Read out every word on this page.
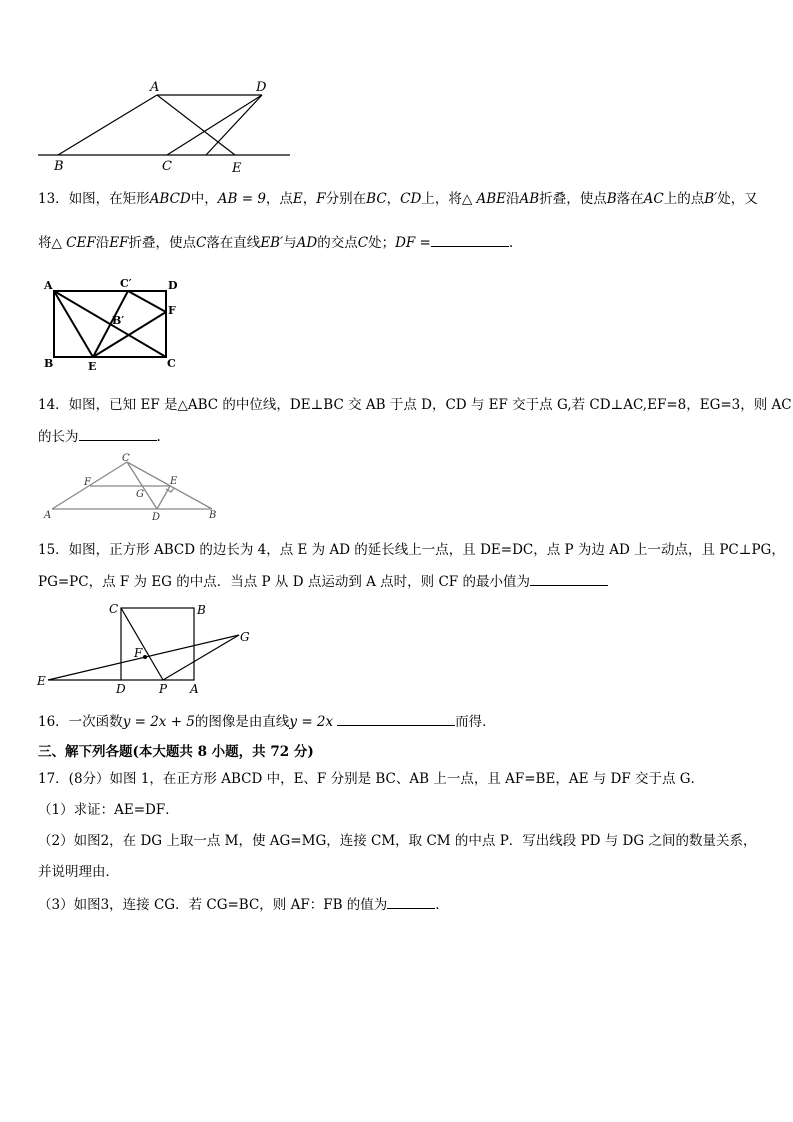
A	D
B	C	E
13．如图，在矩形ABCD中，AB = 9，点E，F分别在BC，CD上，将△ ABE沿AB折叠，使点B落在AC上的点B′处，又
将△ CEF沿EF折叠，使点C落在直线EB′与AD的交点C处；DF =	.
A	C′	D
F
B′
B	E	C
14．如图，已知 EF 是△ABC 的中位线，DE⊥BC 交 AB 于点 D，CD 与 EF 交于点 G,若 CD⊥AC,EF=8，EG=3，则 AC
的长为	.
C
F	E
G
A	D	B
15．如图，正方形 ABCD 的边长为 4，点 E 为 AD 的延长线上一点，且 DE=DC，点 P 为边 AD 上一动点，且 PC⊥PG，
PG=PC，点 F 为 EG 的中点．当点 P 从 D 点运动到 A 点时，则 CF 的最小值为
C	B
G
F
E
D	P A
16．一次函数y = 2x + 5的图像是由直线y = 2x	而得．
三、解下列各题(本大题共 8 小题，共 72 分)
17．(8分）如图 1，在正方形 ABCD 中，E、F 分别是 BC、AB 上一点，且 AF=BE，AE 与 DF 交于点 G．
（1）求证：AE=DF．
（2）如图2，在 DG 上取一点 M，使 AG=MG，连接 CM，取 CM 的中点 P．写出线段 PD 与 DG 之间的数量关系，
并说明理由．
（3）如图3，连接 CG．若 CG=BC，则 AF：FB 的值为	.
